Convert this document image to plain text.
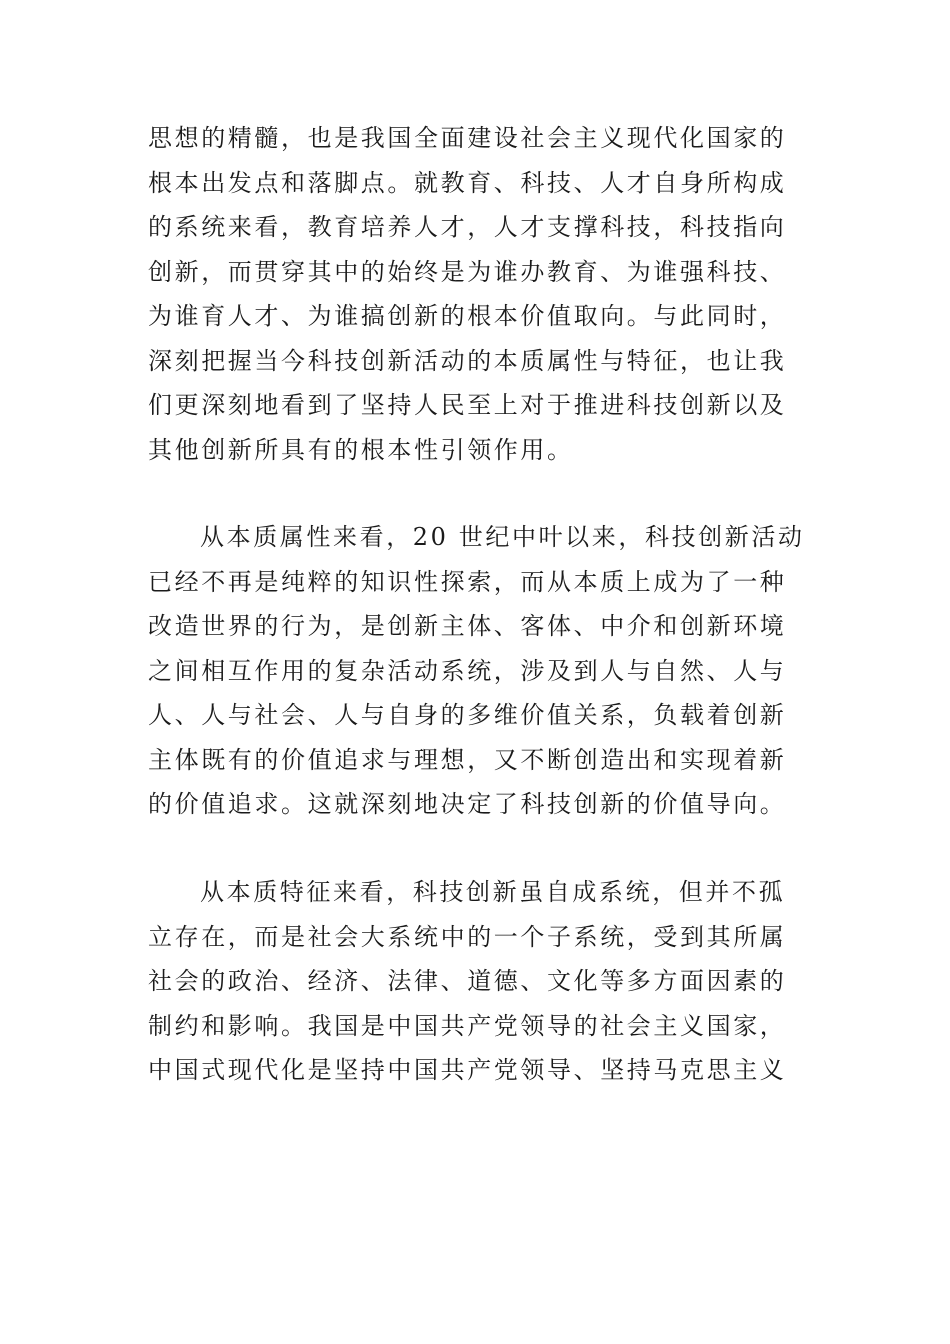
思想的精髓，也是我国全面建设社会主义现代化国家的
根本出发点和落脚点。就教育、科技、人才自身所构成
的系统来看，教育培养人才，人才支撑科技，科技指向
创新，而贯穿其中的始终是为谁办教育、为谁强科技、
为谁育人才、为谁搞创新的根本价值取向。与此同时，
深刻把握当今科技创新活动的本质属性与特征，也让我
们更深刻地看到了坚持人民至上对于推进科技创新以及
其他创新所具有的根本性引领作用。
从本质属性来看，20 世纪中叶以来，科技创新活动
已经不再是纯粹的知识性探索，而从本质上成为了一种
改造世界的行为，是创新主体、客体、中介和创新环境
之间相互作用的复杂活动系统，涉及到人与自然、人与
人、人与社会、人与自身的多维价值关系，负载着创新
主体既有的价值追求与理想，又不断创造出和实现着新
的价值追求。这就深刻地决定了科技创新的价值导向。
从本质特征来看，科技创新虽自成系统，但并不孤
立存在，而是社会大系统中的一个子系统，受到其所属
社会的政治、经济、法律、道德、文化等多方面因素的
制约和影响。我国是中国共产党领导的社会主义国家，
中国式现代化是坚持中国共产党领导、坚持马克思主义
